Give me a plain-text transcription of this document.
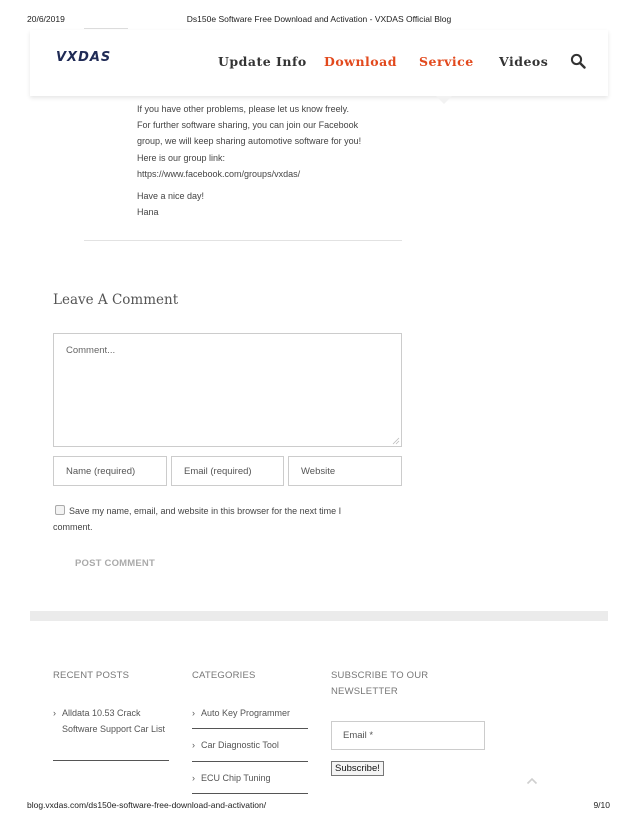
20/6/2019	Ds150e Software Free Download and Activation - VXDAS Official Blog
VXDAS	Update Info Download Service Videos

If you have other problems, please let us know freely.

For further software sharing, you can join our Facebook

group, we will keep sharing automotive software for you!

Here is our group link:

https://www.facebook.com/groups/vxdas/

Have a nice day!

Hana

Leave A Comment
Comment...
Name (required)
Email (required)
Website
Save my name, email, and website in this browser for the next time I comment.
POST COMMENT
RECENT POSTS	CATEGORIES	SUBSCRIBE TO OUR NEWSLETTER
› Alldata 10.53 Crack Software Support Car List
› Auto Key Programmer
› Car Diagnostic Tool
› ECU Chip Tuning
Email *
Subscribe!
blog.vxdas.com/ds150e-software-free-download-and-activation/	9/10
